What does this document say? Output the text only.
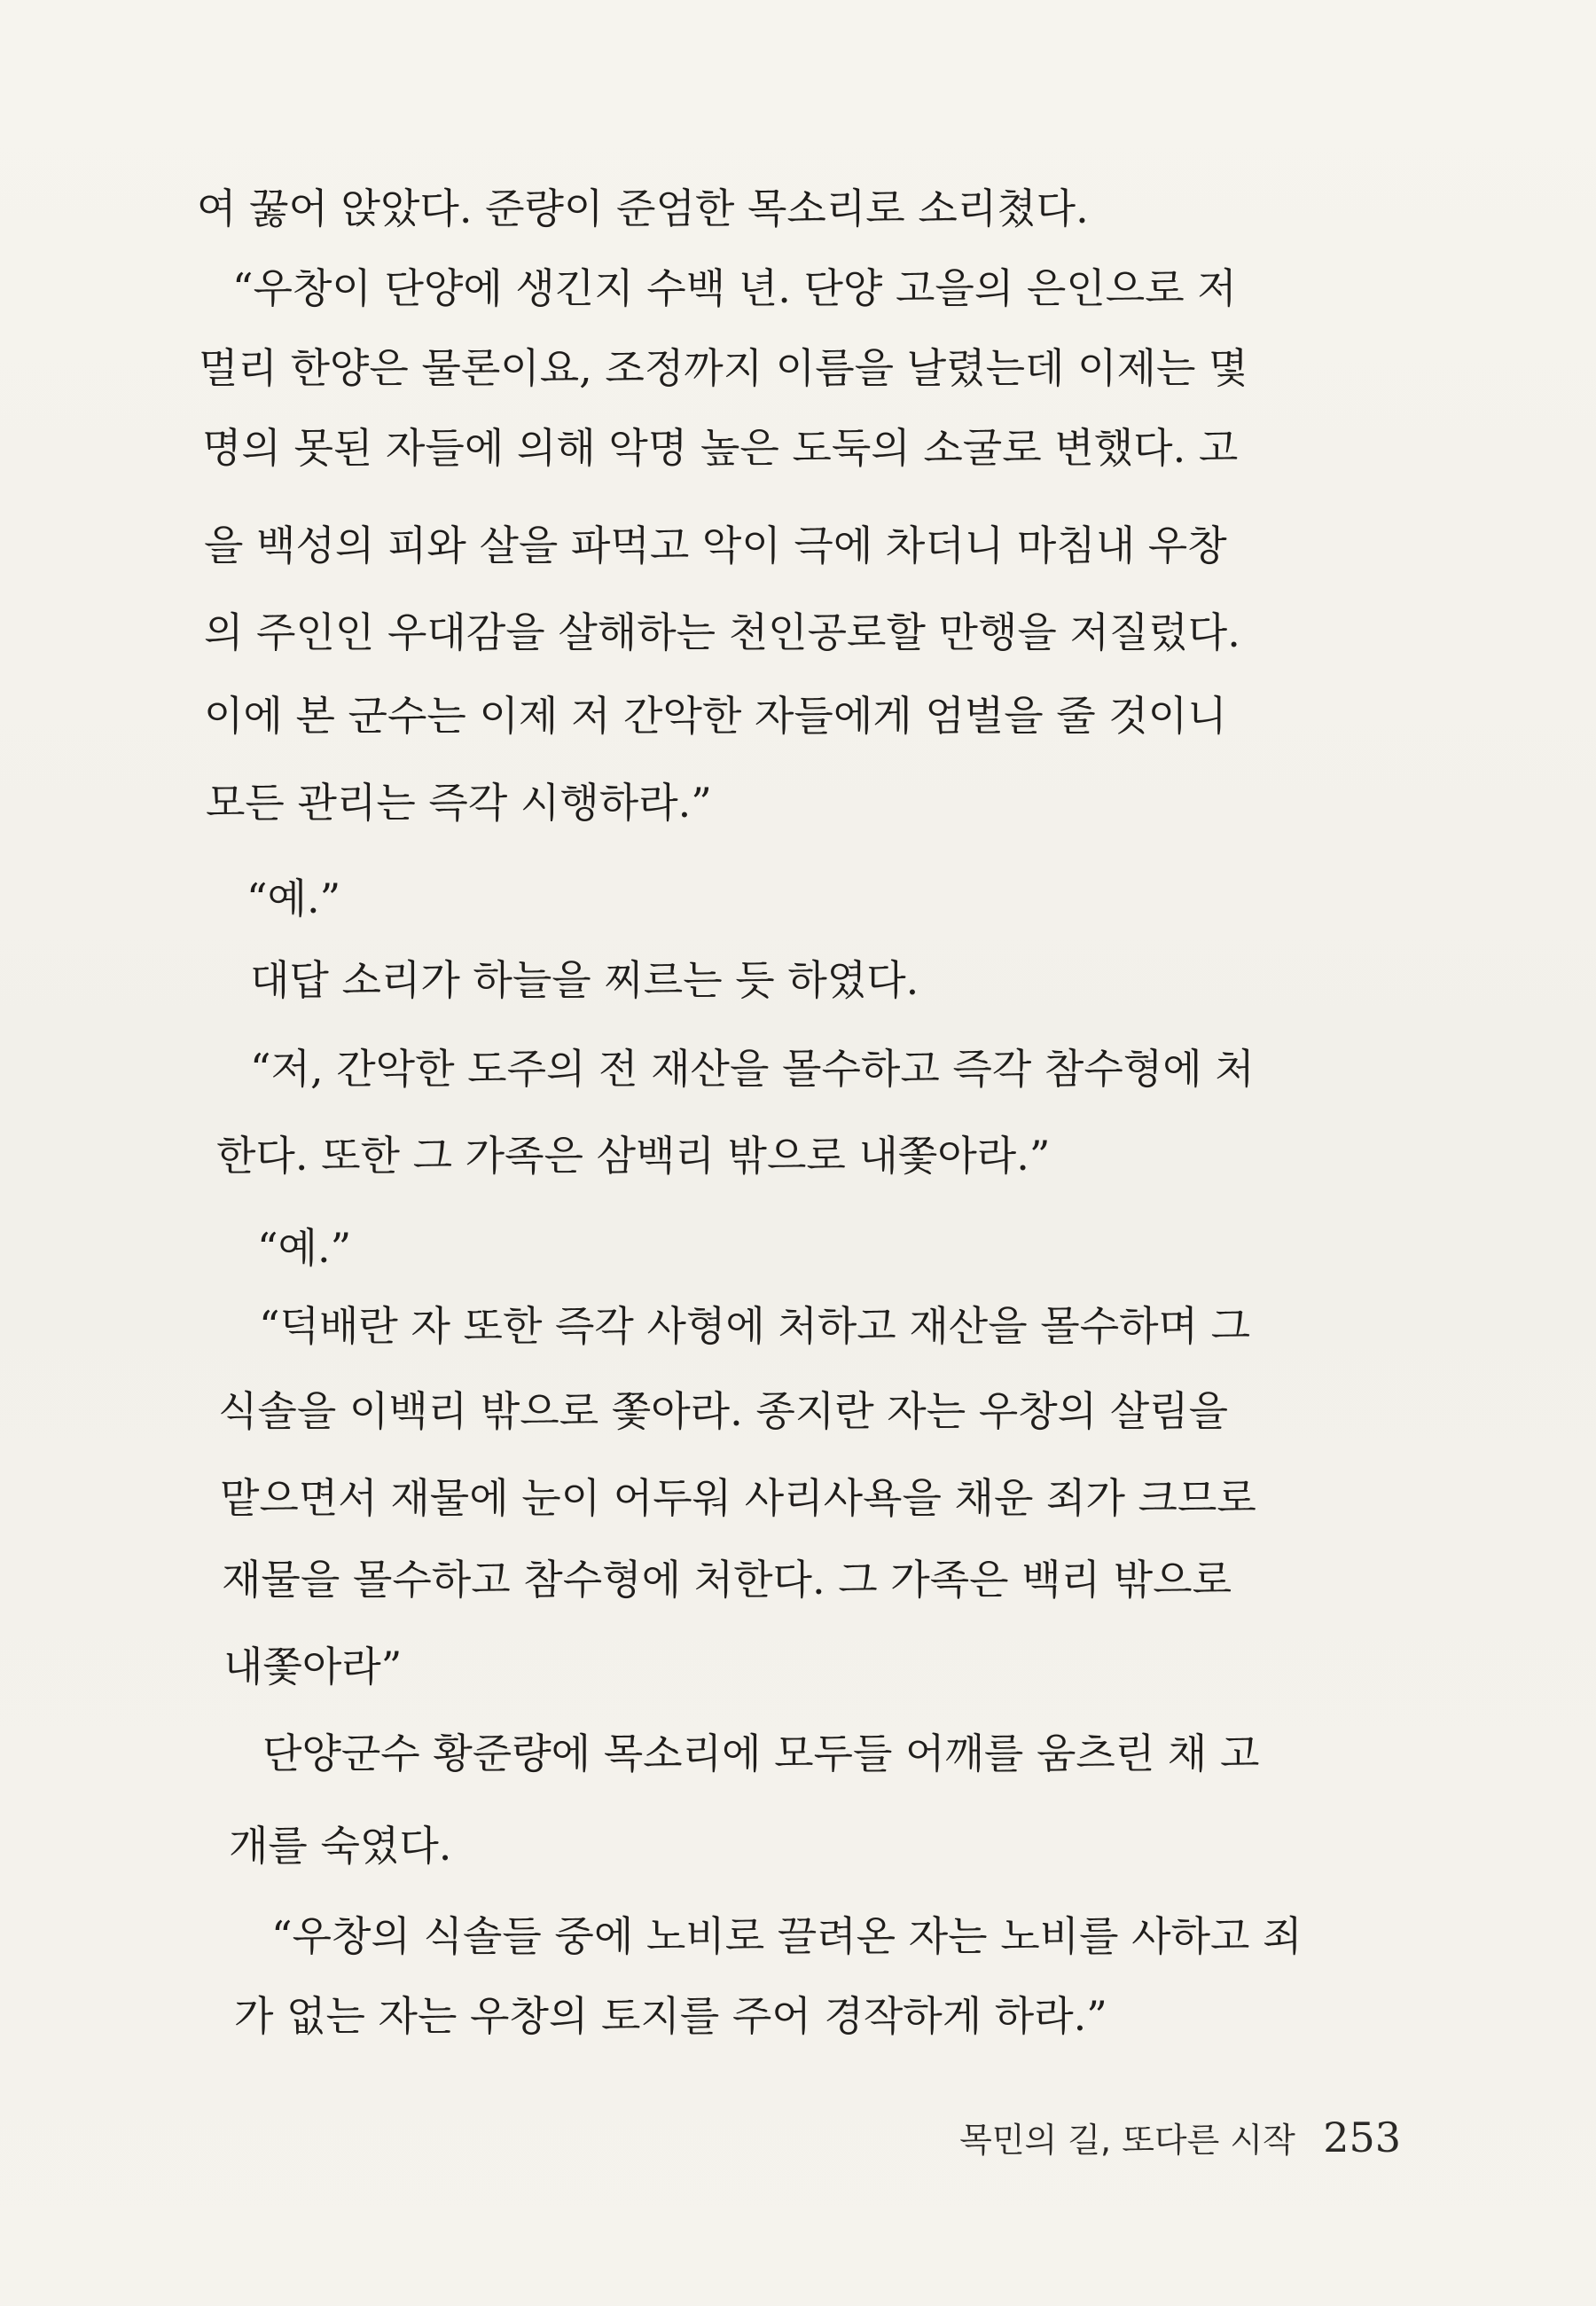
여 꿇어 앉았다. 준량이 준엄한 목소리로 소리쳤다.
“우창이 단양에 생긴지 수백 년. 단양 고을의 은인으로 저
멀리 한양은 물론이요, 조정까지 이름을 날렸는데 이제는 몇
명의 못된 자들에 의해 악명 높은 도둑의 소굴로 변했다. 고
을 백성의 피와 살을 파먹고 악이 극에 차더니 마침내 우창
의 주인인 우대감을 살해하는 천인공로할 만행을 저질렀다.
이에 본 군수는 이제 저 간악한 자들에게 엄벌을 줄 것이니
모든 관리는 즉각 시행하라.”
“예.”
대답 소리가 하늘을 찌르는 듯 하였다.
“저, 간악한 도주의 전 재산을 몰수하고 즉각 참수형에 처
한다. 또한 그 가족은 삼백리 밖으로 내쫓아라.”
“예.”
“덕배란 자 또한 즉각 사형에 처하고 재산을 몰수하며 그
식솔을 이백리 밖으로 쫓아라. 종지란 자는 우창의 살림을
맡으면서 재물에 눈이 어두워 사리사욕을 채운 죄가 크므로
재물을 몰수하고 참수형에 처한다. 그 가족은 백리 밖으로
내쫓아라”
단양군수 황준량에 목소리에 모두들 어깨를 움츠린 채 고
개를 숙였다.
“우창의 식솔들 중에 노비로 끌려온 자는 노비를 사하고 죄
가 없는 자는 우창의 토지를 주어 경작하게 하라.”
목민의 길, 또다른 시작 253
